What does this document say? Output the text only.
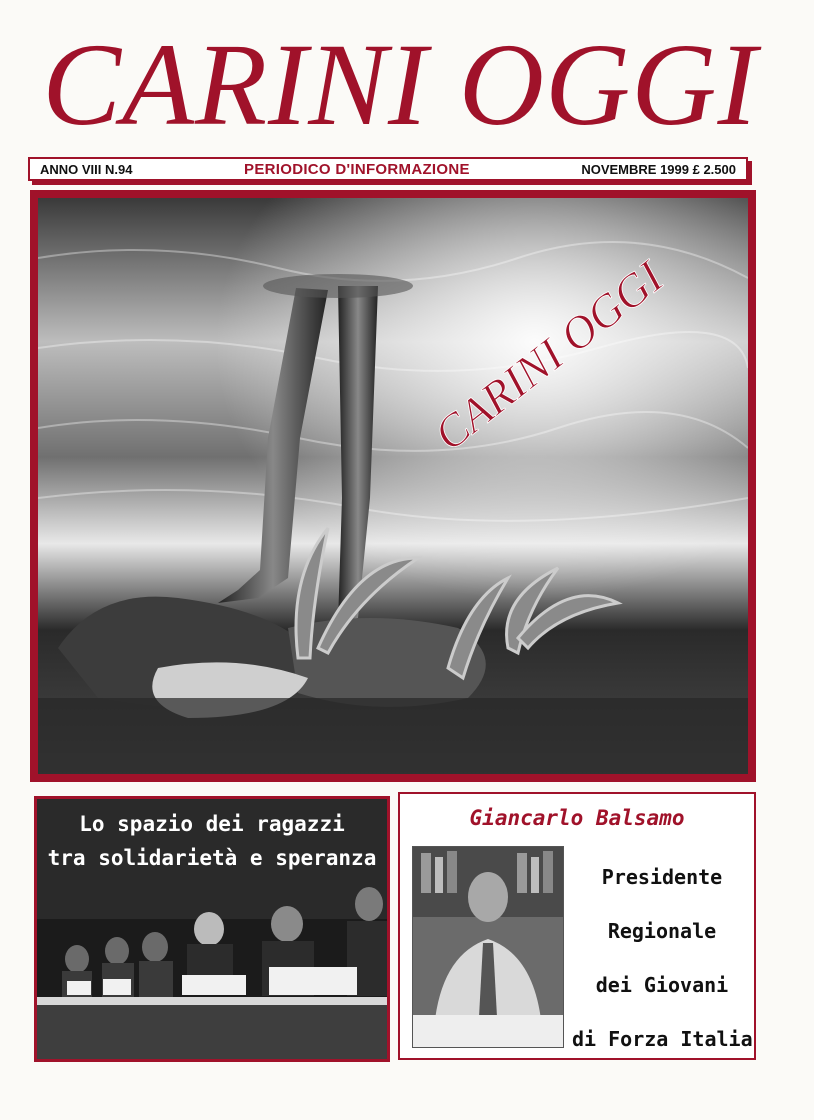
CARINI OGGI
ANNO VIII N.94	PERIODICO D'INFORMAZIONE	NOVEMBRE 1999 £ 2.500
CARINI OGGI
Lo spazio dei ragazzi
tra solidarietà e speranza
Giancarlo Balsamo
Presidente
Regionale
dei Giovani
di Forza Italia
